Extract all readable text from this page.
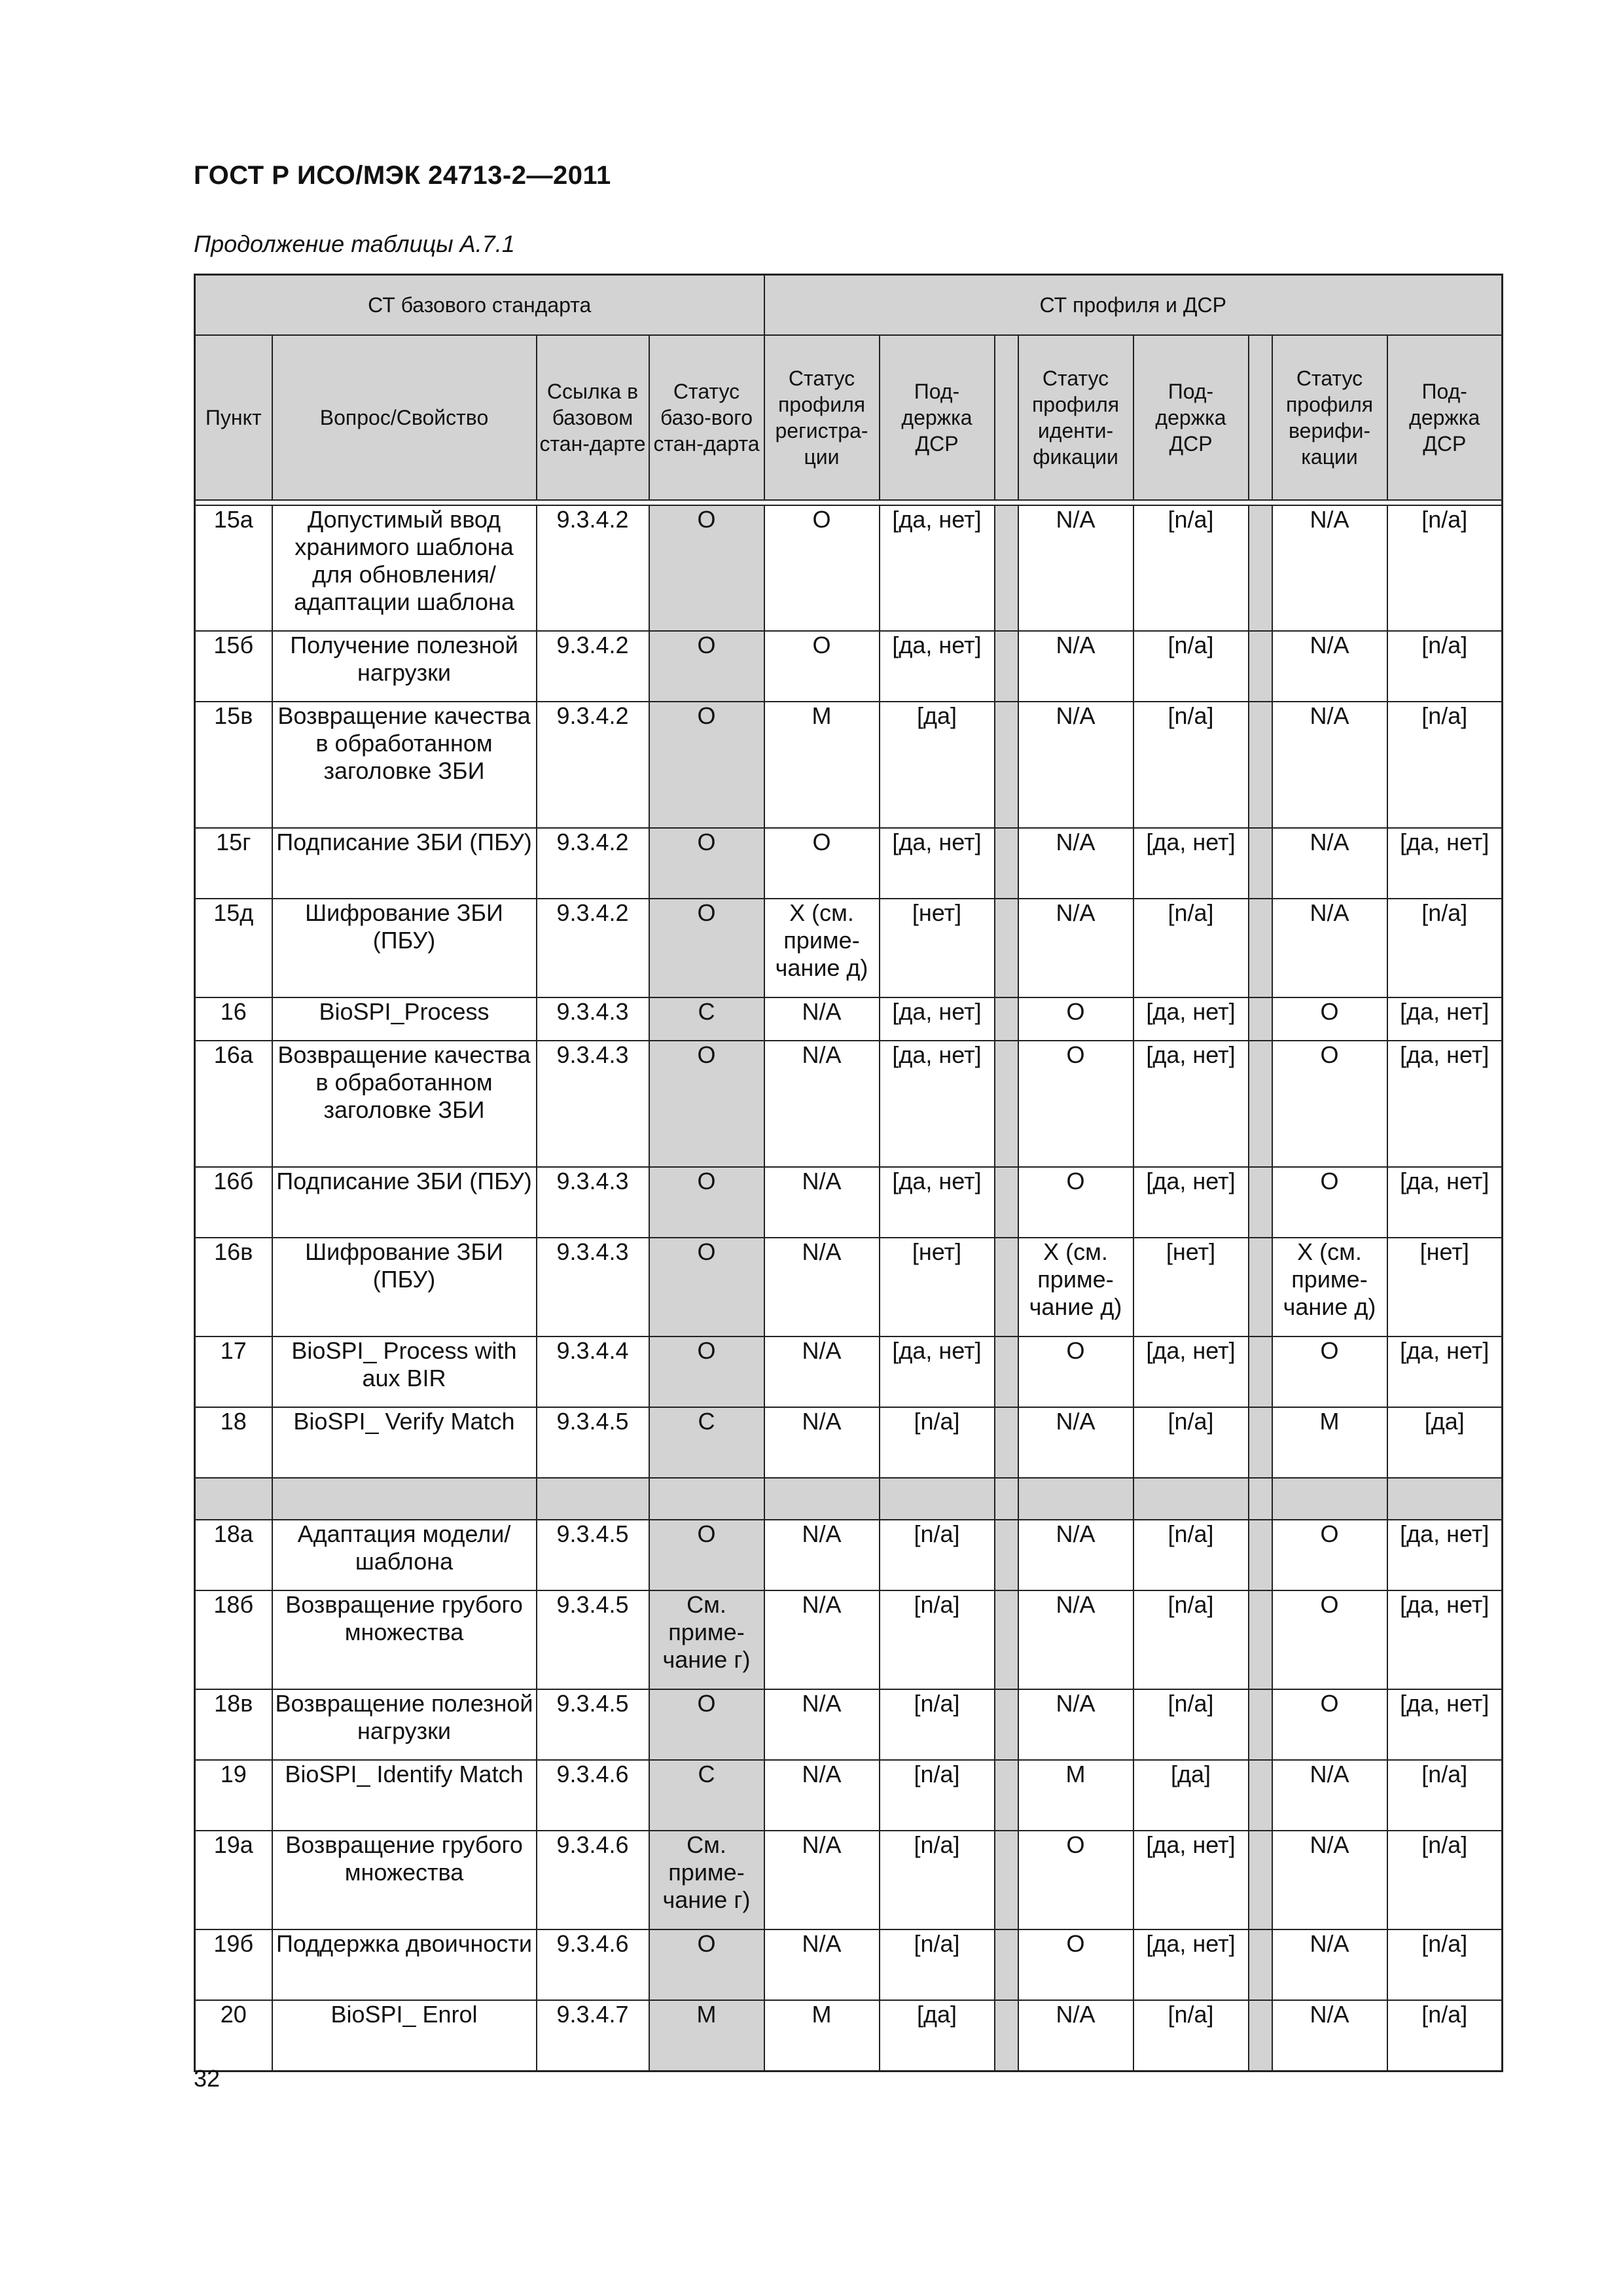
ГОСТ Р ИСО/МЭК 24713-2—2011
Продолжение таблицы А.7.1
СТ базового стандарта				СТ профиля и ДСР							
Пункт	Вопрос/Свойство	Ссылка в базовом стан-дарте	Статус базо-вого стан-дарта	Статус профиля регистра-ции	Под-держка ДСР		Статус профиля иденти-фикации	Под-держка ДСР		Статус профиля верифи-кации	Под-держка ДСР

15а	Допустимый ввод хранимого шаблона для обновления/ адаптации шаблона	9.3.4.2	O	O	[да, нет]		N/A	[n/a]		N/A	[n/a]
15б	Получение полезной нагрузки	9.3.4.2	O	O	[да, нет]		N/A	[n/a]		N/A	[n/a]
15в	Возвращение качества в обработанном заголовке ЗБИ	9.3.4.2	O	M	[да]		N/A	[n/a]		N/A	[n/a]
15г	Подписание ЗБИ (ПБУ)	9.3.4.2	O	O	[да, нет]		N/A	[да, нет]		N/A	[да, нет]
15д	Шифрование ЗБИ (ПБУ)	9.3.4.2	O	X (см. приме-чание д)	[нет]		N/A	[n/a]		N/A	[n/a]
16	BioSPI_Process	9.3.4.3	C	N/A	[да, нет]		O	[да, нет]		O	[да, нет]
16а	Возвращение качества в обработанном заголовке ЗБИ	9.3.4.3	O	N/A	[да, нет]		O	[да, нет]		O	[да, нет]
16б	Подписание ЗБИ (ПБУ)	9.3.4.3	O	N/A	[да, нет]		O	[да, нет]		O	[да, нет]
16в	Шифрование ЗБИ (ПБУ)	9.3.4.3	O	N/A	[нет]		X (см. приме-чание д)	[нет]		X (см. приме-чание д)	[нет]
17	BioSPI_ Process with aux BIR	9.3.4.4	O	N/A	[да, нет]		O	[да, нет]		O	[да, нет]
18	BioSPI_ Verify Match	9.3.4.5	C	N/A	[n/a]		N/A	[n/a]		M	[да]

18а	Адаптация модели/шаблона	9.3.4.5	O	N/A	[n/a]		N/A	[n/a]		O	[да, нет]
18б	Возвращение грубого множества	9.3.4.5	См. приме-чание г)	N/A	[n/a]		N/A	[n/a]		O	[да, нет]
18в	Возвращение полезной нагрузки	9.3.4.5	O	N/A	[n/a]		N/A	[n/a]		O	[да, нет]
19	BioSPI_ Identify Match	9.3.4.6	C	N/A	[n/a]		M	[да]		N/A	[n/a]
19а	Возвращение грубого множества	9.3.4.6	См. приме-чание г)	N/A	[n/a]		O	[да, нет]		N/A	[n/a]
19б	Поддержка двоичности	9.3.4.6	O	N/A	[n/a]		O	[да, нет]		N/A	[n/a]
20	BioSPI_ Enrol	9.3.4.7	M	M	[да]		N/A	[n/a]		N/A	[n/a]
32
